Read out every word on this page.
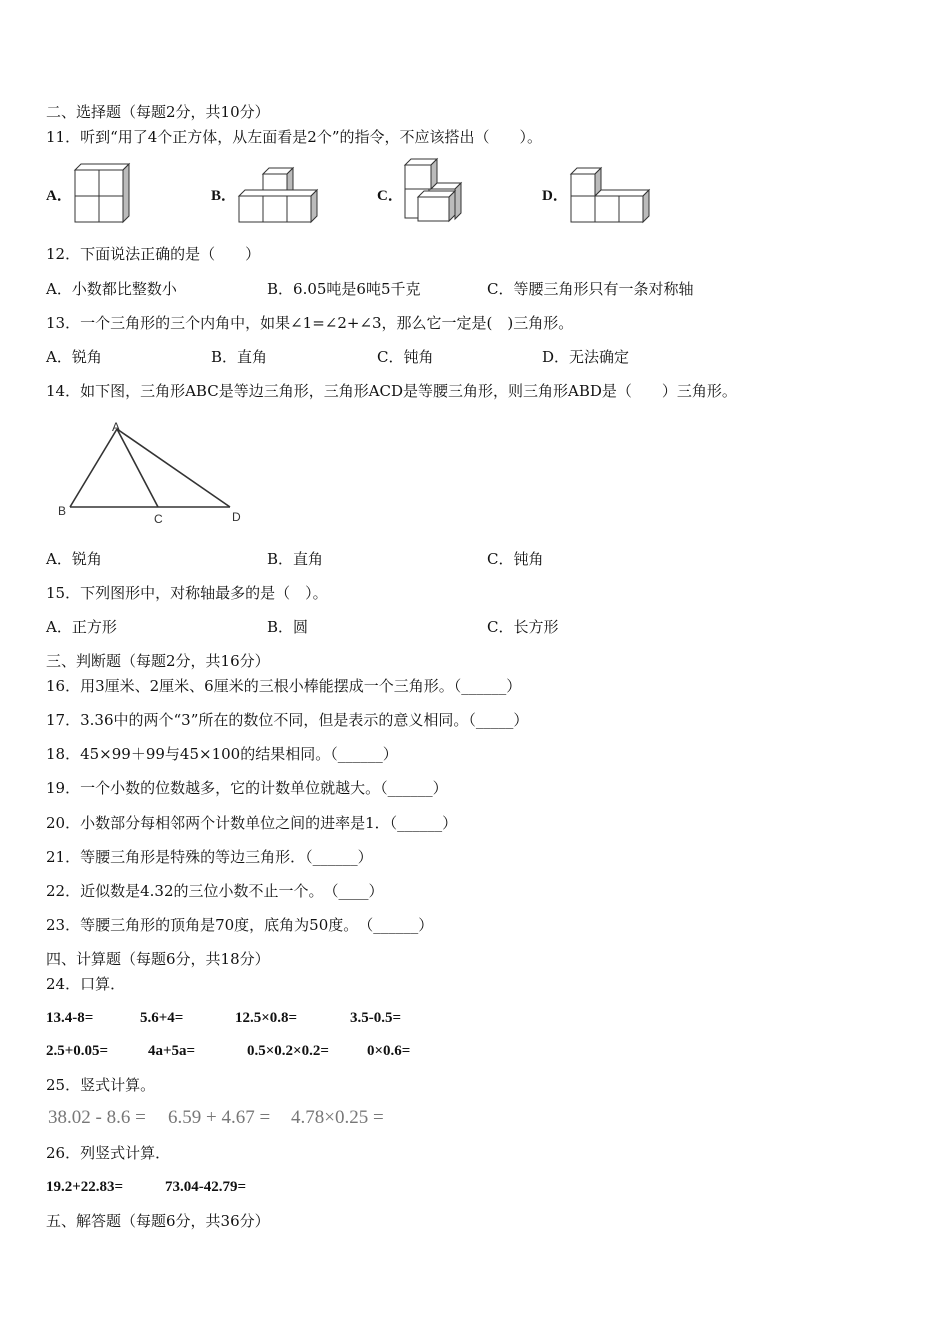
二、选择题（每题2分，共10分）
11．听到“用了4个正方体，从左面看是2个”的指令，不应该搭出（　　）。
A．	B．	C．	D．
12．下面说法正确的是（　　）
A．小数都比整数小	B．6.05吨是6吨5千克	C．等腰三角形只有一条对称轴
13．一个三角形的三个内角中，如果∠1=∠2+∠3，那么它一定是(　)三角形。
A．锐角	B．直角	C．钝角	D．无法确定
14．如下图，三角形ABC是等边三角形，三角形ACD是等腰三角形，则三角形ABD是（　　）三角形。
A
B
C	D
A．锐角	B．直角	C．钝角
15．下列图形中，对称轴最多的是（　）。
A．正方形	B．圆	C．长方形
三、判断题（每题2分，共16分）
16．用3厘米、2厘米、6厘米的三根小棒能摆成一个三角形。（______）
17．3.36中的两个“3”所在的数位不同，但是表示的意义相同。（_____）
18．45×99＋99与45×100的结果相同。（______）
19．一个小数的位数越多，它的计数单位就越大。（______）
20．小数部分每相邻两个计数单位之间的进率是1．（______）
21．等腰三角形是特殊的等边三角形．（______）
22．近似数是4.32的三位小数不止一个。　（____）
23．等腰三角形的顶角是70度，底角为50度。　（______）
四、计算题（每题6分，共18分）
24．口算．
13.4-8=	5.6+4=	12.5×0.8=	3.5-0.5=
2.5+0.05=	4a+5a=	0.5×0.2×0.2=	0×0.6=
25．竖式计算。
38.02 - 8.6 = 6.59 + 4.67 = 4.78×0.25 =
26．列竖式计算．
19.2+22.83=	73.04-42.79=
五、解答题（每题6分，共36分）
